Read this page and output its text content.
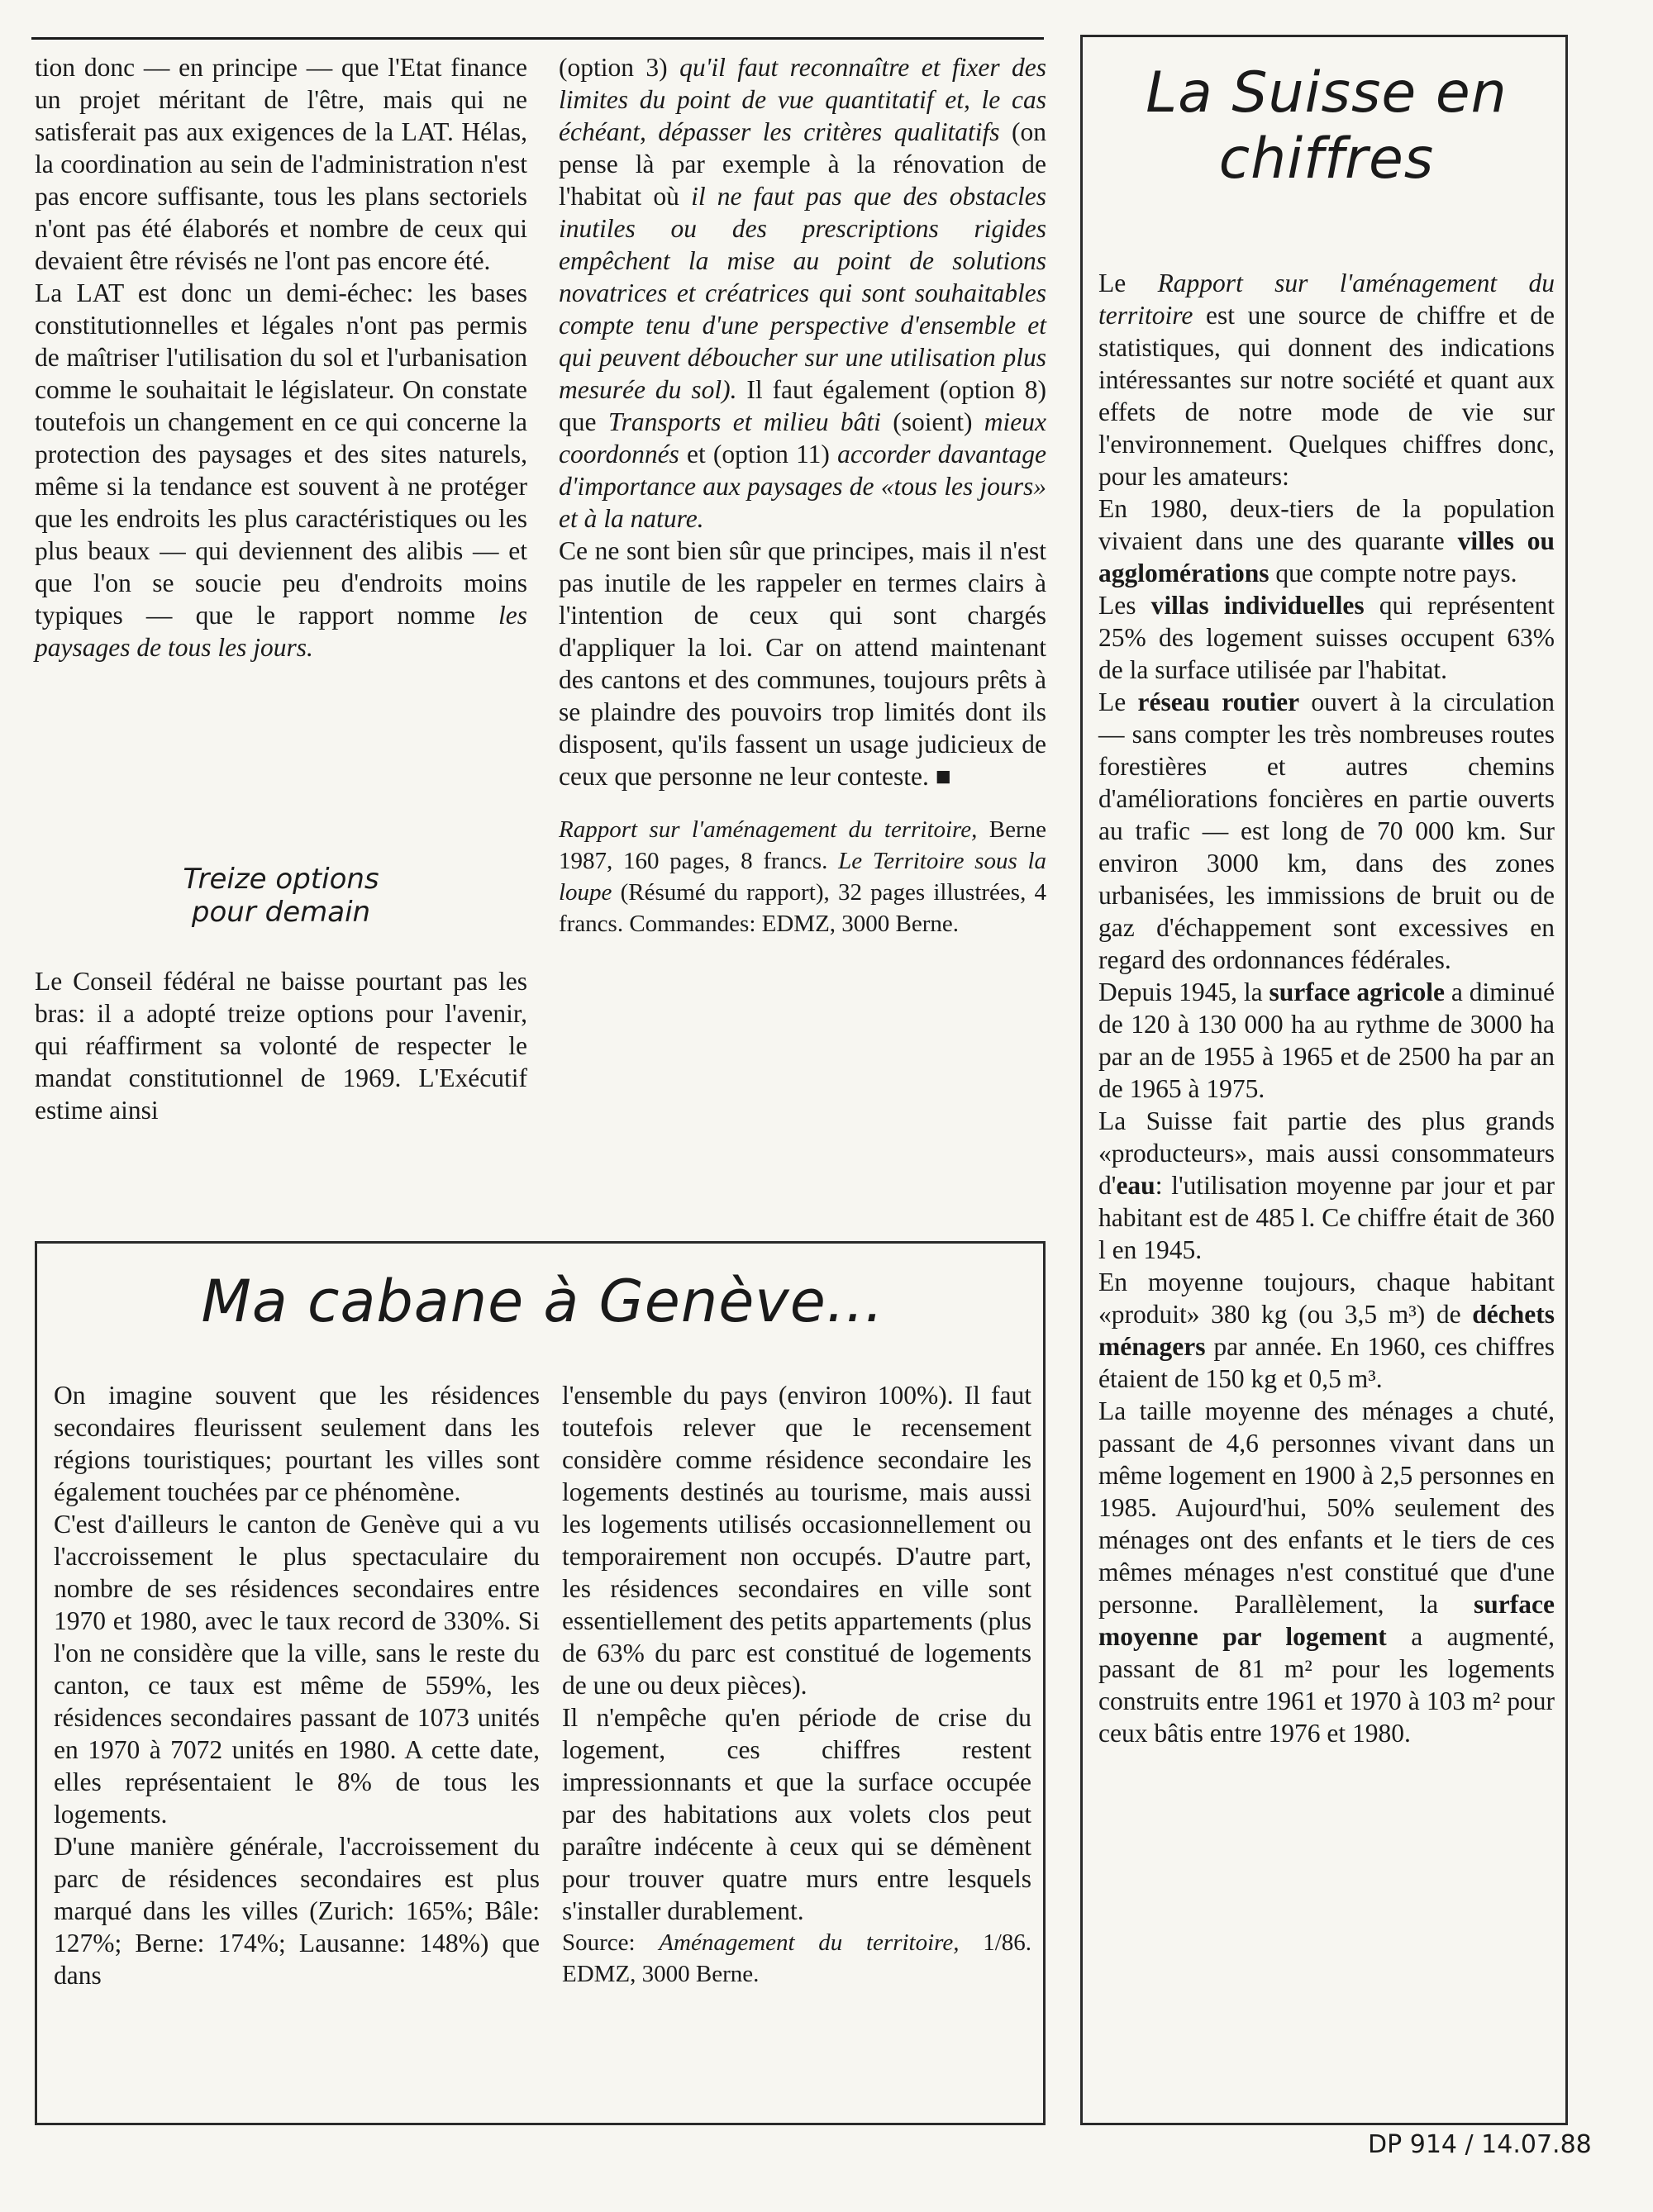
tion donc — en principe — que l'Etat finance un projet méritant de l'être, mais qui ne satisferait pas aux exigences de la LAT. Hélas, la coordination au sein de l'administration n'est pas encore suffisante, tous les plans sectoriels n'ont pas été élaborés et nombre de ceux qui devaient être révisés ne l'ont pas encore été.

La LAT est donc un demi-échec: les bases constitutionnelles et légales n'ont pas permis de maîtriser l'utilisation du sol et l'urbanisation comme le souhaitait le législateur. On constate toutefois un changement en ce qui concerne la protection des paysages et des sites naturels, même si la tendance est souvent à ne protéger que les endroits les plus caractéristiques ou les plus beaux — qui deviennent des alibis — et que l'on se soucie peu d'endroits moins typiques — que le rapport nomme les paysages de tous les jours.

Treize options
pour demain

Le Conseil fédéral ne baisse pourtant pas les bras: il a adopté treize options pour l'avenir, qui réaffirment sa volonté de respecter le mandat constitutionnel de 1969. L'Exécutif estime ainsi

(option 3) qu'il faut reconnaître et fixer des limites du point de vue quantitatif et, le cas échéant, dépasser les critères qualitatifs (on pense là par exemple à la rénovation de l'habitat où il ne faut pas que des obstacles inutiles ou des prescriptions rigides empêchent la mise au point de solutions novatrices et créatrices qui sont souhaitables compte tenu d'une perspective d'ensemble et qui peuvent déboucher sur une utilisation plus mesurée du sol). Il faut également (option 8) que Transports et milieu bâti (soient) mieux coordonnés et (option 11) accorder davantage d'importance aux paysages de «tous les jours» et à la nature.

Ce ne sont bien sûr que principes, mais il n'est pas inutile de les rappeler en termes clairs à l'intention de ceux qui sont chargés d'appliquer la loi. Car on attend maintenant des cantons et des communes, toujours prêts à se plaindre des pouvoirs trop limités dont ils disposent, qu'ils fassent un usage judicieux de ceux que personne ne leur conteste. ■

Rapport sur l'aménagement du territoire, Berne 1987, 160 pages, 8 francs. Le Territoire sous la loupe (Résumé du rapport), 32 pages illustrées, 4 francs. Commandes: EDMZ, 3000 Berne.

Ma cabane à Genève...

On imagine souvent que les résidences secondaires fleurissent seulement dans les régions touristiques; pourtant les villes sont également touchées par ce phénomène.

C'est d'ailleurs le canton de Genève qui a vu l'accroissement le plus spectaculaire du nombre de ses résidences secondaires entre 1970 et 1980, avec le taux record de 330%. Si l'on ne considère que la ville, sans le reste du canton, ce taux est même de 559%, les résidences secondaires passant de 1073 unités en 1970 à 7072 unités en 1980. A cette date, elles représentaient le 8% de tous les logements.

D'une manière générale, l'accroissement du parc de résidences secondaires est plus marqué dans les villes (Zurich: 165%; Bâle: 127%; Berne: 174%; Lausanne: 148%) que dans

l'ensemble du pays (environ 100%). Il faut toutefois relever que le recensement considère comme résidence secondaire les logements destinés au tourisme, mais aussi les logements utilisés occasionnellement ou temporairement non occupés. D'autre part, les résidences secondaires en ville sont essentiellement des petits appartements (plus de 63% du parc est constitué de logements de une ou deux pièces).

Il n'empêche qu'en période de crise du logement, ces chiffres restent impressionnants et que la surface occupée par des habitations aux volets clos peut paraître indécente à ceux qui se démènent pour trouver quatre murs entre lesquels s'installer durablement.

Source: Aménagement du territoire, 1/86. EDMZ, 3000 Berne.

La Suisse en
chiffres

Le Rapport sur l'aménagement du territoire est une source de chiffre et de statistiques, qui donnent des indications intéressantes sur notre société et quant aux effets de notre mode de vie sur l'environnement. Quelques chiffres donc, pour les amateurs:

En 1980, deux-tiers de la population vivaient dans une des quarante villes ou agglomérations que compte notre pays.

Les villas individuelles qui représentent 25% des logement suisses occupent 63% de la surface utilisée par l'habitat.

Le réseau routier ouvert à la circulation — sans compter les très nombreuses routes forestières et autres chemins d'améliorations foncières en partie ouverts au trafic — est long de 70 000 km. Sur environ 3000 km, dans des zones urbanisées, les immissions de bruit ou de gaz d'échappement sont excessives en regard des ordonnances fédérales.

Depuis 1945, la surface agricole a diminué de 120 à 130 000 ha au rythme de 3000 ha par an de 1955 à 1965 et de 2500 ha par an de 1965 à 1975.

La Suisse fait partie des plus grands «producteurs», mais aussi consommateurs d'eau: l'utilisation moyenne par jour et par habitant est de 485 l. Ce chiffre était de 360 l en 1945.

En moyenne toujours, chaque habitant «produit» 380 kg (ou 3,5 m³) de déchets ménagers par année. En 1960, ces chiffres étaient de 150 kg et 0,5 m³.

La taille moyenne des ménages a chuté, passant de 4,6 personnes vivant dans un même logement en 1900 à 2,5 personnes en 1985. Aujourd'hui, 50% seulement des ménages ont des enfants et le tiers de ces mêmes ménages n'est constitué que d'une personne. Parallèlement, la surface moyenne par logement a augmenté, passant de 81 m² pour les logements construits entre 1961 et 1970 à 103 m² pour ceux bâtis entre 1976 et 1980.

DP 914 / 14.07.88
